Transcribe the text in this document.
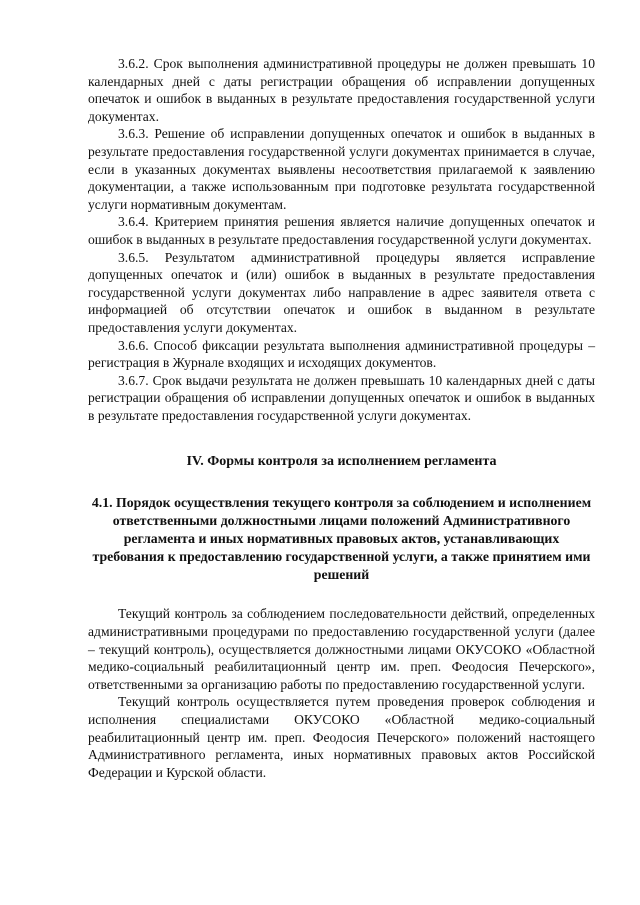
3.6.2. Срок выполнения административной процедуры не должен превышать 10 календарных дней с даты регистрации обращения об исправлении допущенных опечаток и ошибок в выданных в результате предоставления государственной услуги документах.

3.6.3. Решение об исправлении допущенных опечаток и ошибок в выданных в результате предоставления государственной услуги документах принимается в случае, если в указанных документах выявлены несоответствия прилагаемой к заявлению документации, а также использованным при подготовке результата государственной услуги нормативным документам.

3.6.4. Критерием принятия решения является наличие допущенных опечаток и ошибок в выданных в результате предоставления государственной услуги документах.

3.6.5. Результатом административной процедуры является исправление допущенных опечаток и (или) ошибок в выданных в результате предоставления государственной услуги документах либо направление в адрес заявителя ответа с информацией об отсутствии опечаток и ошибок в выданном в результате предоставления услуги документах.

3.6.6. Способ фиксации результата выполнения административной процедуры – регистрация в Журнале входящих и исходящих документов.

3.6.7. Срок выдачи результата не должен превышать 10 календарных дней с даты регистрации обращения об исправлении допущенных опечаток и ошибок в выданных в результате предоставления государственной услуги документах.

IV. Формы контроля за исполнением регламента
4.1. Порядок осуществления текущего контроля за соблюдением и исполнением ответственными должностными лицами положений Административного регламента и иных нормативных правовых актов, устанавливающих требования к предоставлению государственной услуги, а также принятием ими решений

Текущий контроль за соблюдением последовательности действий, определенных административными процедурами по предоставлению государственной услуги (далее – текущий контроль), осуществляется должностными лицами ОКУСОКО «Областной медико-социальный реабилитационный центр им. преп. Феодосия Печерского», ответственными за организацию работы по предоставлению государственной услуги.

Текущий контроль осуществляется путем проведения проверок соблюдения и исполнения специалистами ОКУСОКО «Областной медико-социальный реабилитационный центр им. преп. Феодосия Печерского» положений настоящего Административного регламента, иных нормативных правовых актов Российской Федерации и Курской области.
